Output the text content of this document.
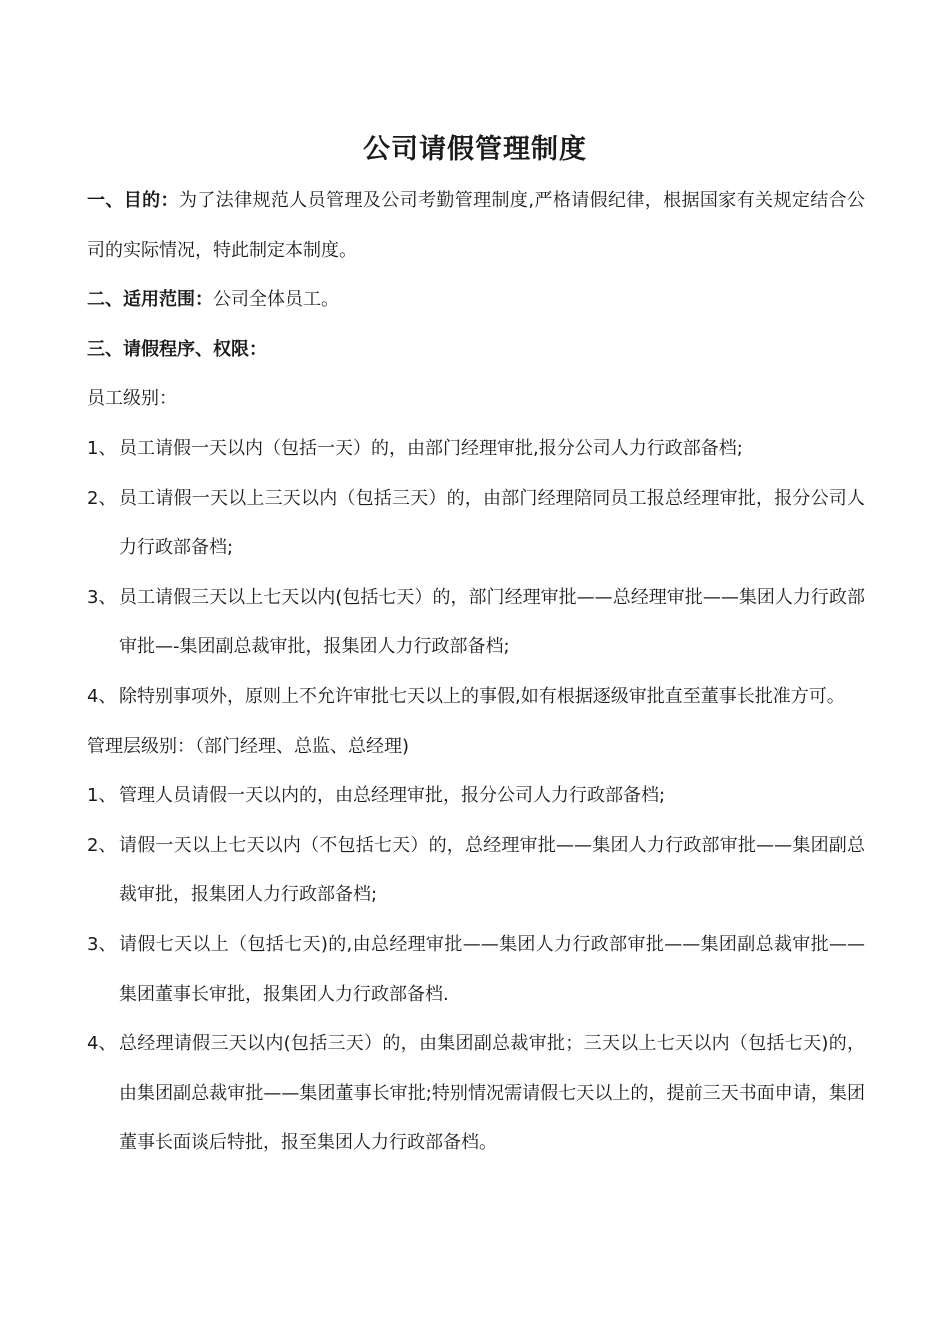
公司请假管理制度

一、目的：为了法律规范人员管理及公司考勤管理制度,严格请假纪律，根据国家有关规定结合公司的实际情况，特此制定本制度。

二、适用范围：公司全体员工。

三、请假程序、权限：

员工级别：

1、 员工请假一天以内（包括一天）的，由部门经理审批,报分公司人力行政部备档;
2、 员工请假一天以上三天以内（包括三天）的，由部门经理陪同员工报总经理审批，报分公司人力行政部备档;
3、 员工请假三天以上七天以内(包括七天）的，部门经理审批——总经理审批——集团人力行政部审批—-集团副总裁审批，报集团人力行政部备档;
4、 除特别事项外，原则上不允许审批七天以上的事假,如有根据逐级审批直至董事长批准方可。

管理层级别：（部门经理、总监、总经理)

1、 管理人员请假一天以内的，由总经理审批，报分公司人力行政部备档;
2、 请假一天以上七天以内（不包括七天）的，总经理审批——集团人力行政部审批——集团副总裁审批，报集团人力行政部备档;
3、 请假七天以上（包括七天)的,由总经理审批——集团人力行政部审批——集团副总裁审批——集团董事长审批，报集团人力行政部备档.
4、 总经理请假三天以内(包括三天）的，由集团副总裁审批；三天以上七天以内（包括七天)的，由集团副总裁审批——集团董事长审批;特别情况需请假七天以上的，提前三天书面申请，集团董事长面谈后特批，报至集团人力行政部备档。
